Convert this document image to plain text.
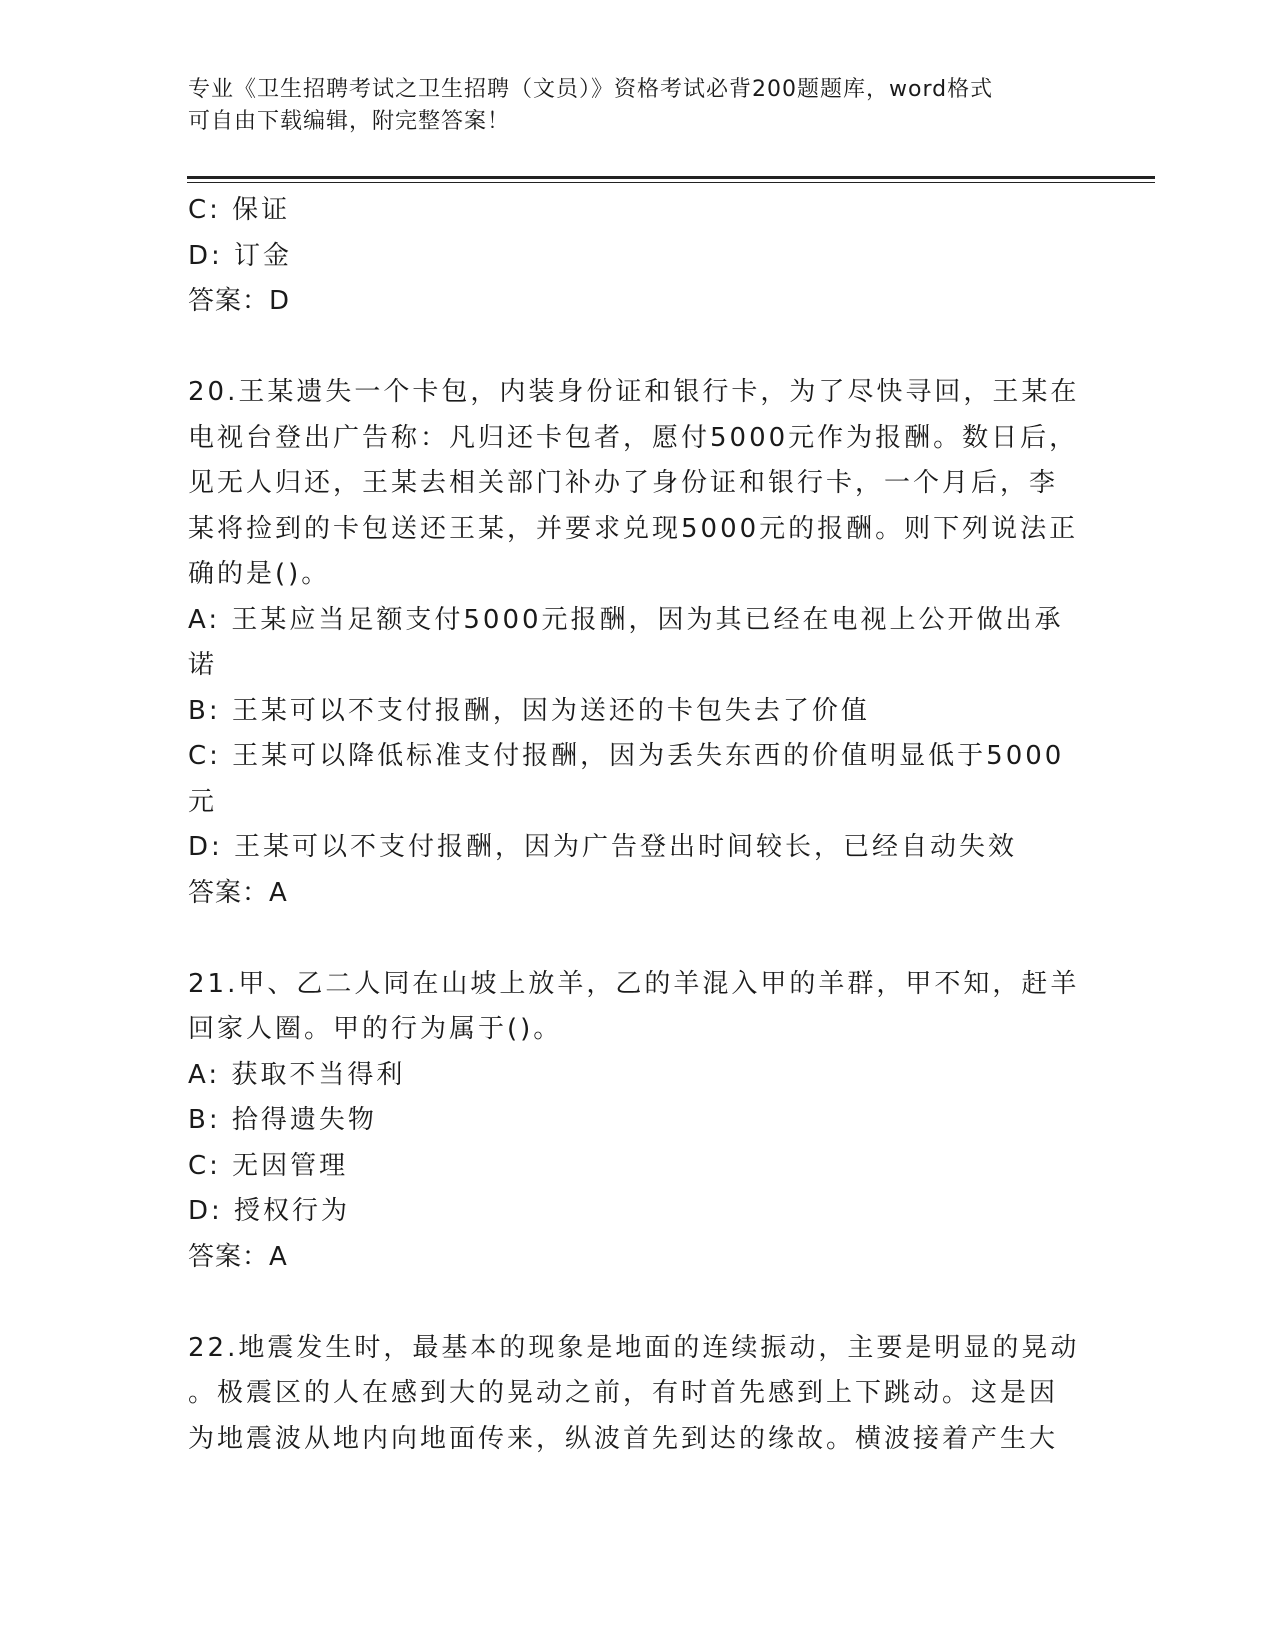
专业《卫生招聘考试之卫生招聘（文员）》资格考试必背200题题库，word格式
可自由下载编辑，附完整答案！
C: 保证
D: 订金
答案：D
20.王某遗失一个卡包，内装身份证和银行卡，为了尽快寻回，王某在
电视台登出广告称：凡归还卡包者，愿付5000元作为报酬。数日后，
见无人归还，王某去相关部门补办了身份证和银行卡，一个月后，李
某将捡到的卡包送还王某，并要求兑现5000元的报酬。则下列说法正
确的是()。
A: 王某应当足额支付5000元报酬，因为其已经在电视上公开做出承
诺
B: 王某可以不支付报酬，因为送还的卡包失去了价值
C: 王某可以降低标准支付报酬，因为丢失东西的价值明显低于5000
元
D: 王某可以不支付报酬，因为广告登出时间较长，已经自动失效
答案：A
21.甲、乙二人同在山坡上放羊，乙的羊混入甲的羊群，甲不知，赶羊
回家人圈。甲的行为属于()。
A: 获取不当得利
B: 拾得遗失物
C: 无因管理
D: 授权行为
答案：A
22.地震发生时，最基本的现象是地面的连续振动，主要是明显的晃动
。极震区的人在感到大的晃动之前，有时首先感到上下跳动。这是因
为地震波从地内向地面传来，纵波首先到达的缘故。横波接着产生大
